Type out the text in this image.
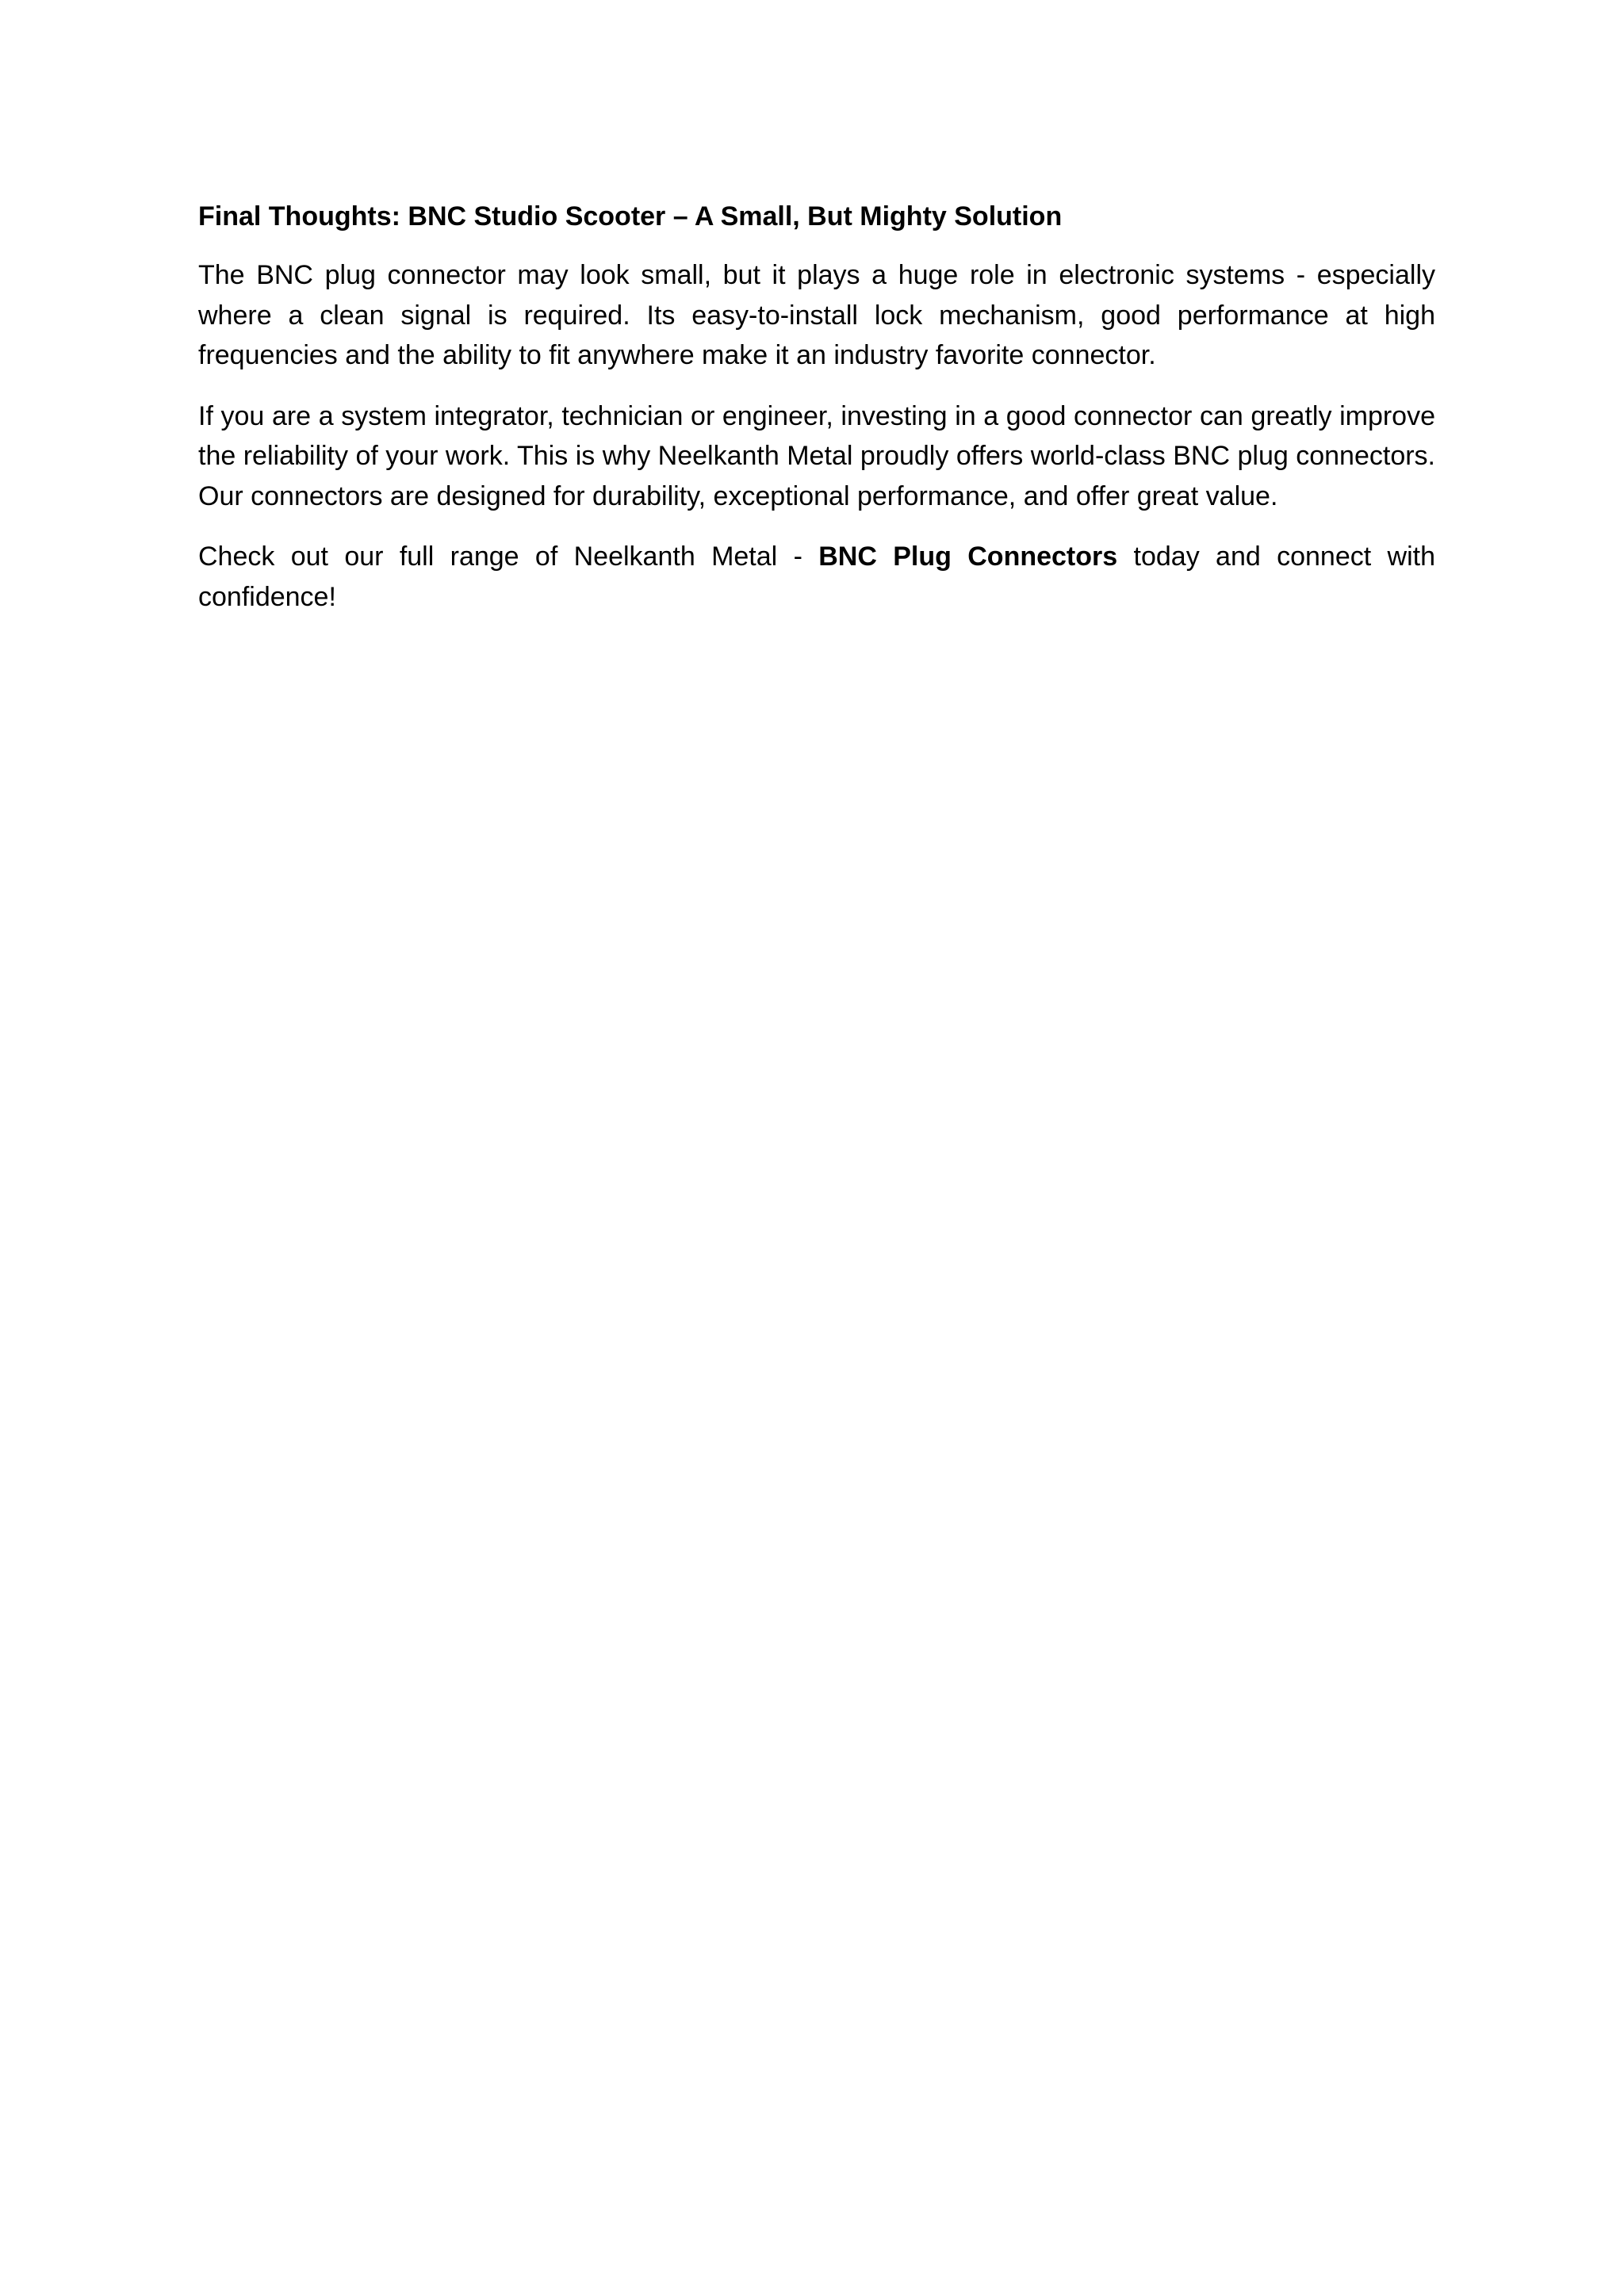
Final Thoughts: BNC Studio Scooter – A Small, But Mighty Solution

The BNC plug connector may look small, but it plays a huge role in electronic systems - especially where a clean signal is required. Its easy-to-install lock mechanism, good performance at high frequencies and the ability to fit anywhere make it an industry favorite connector.

If you are a system integrator, technician or engineer, investing in a good connector can greatly improve the reliability of your work. This is why Neelkanth Metal proudly offers world-class BNC plug connectors. Our connectors are designed for durability, exceptional performance, and offer great value.

Check out our full range of Neelkanth Metal - BNC Plug Connectors today and connect with confidence!
